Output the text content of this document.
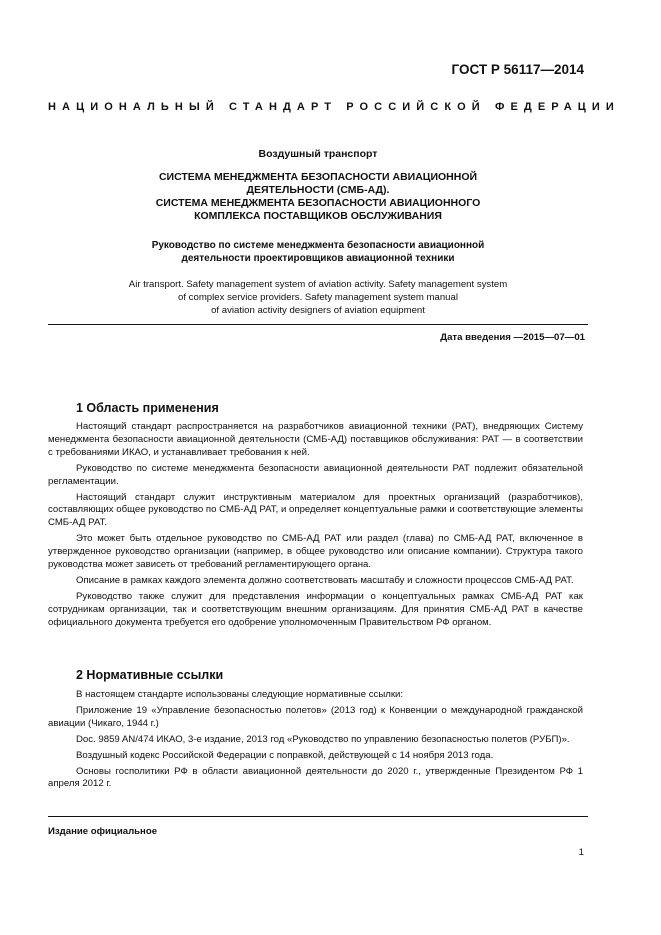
ГОСТ Р 56117—2014
НАЦИОНАЛЬНЫЙ СТАНДАРТ РОССИЙСКОЙ ФЕДЕРАЦИИ
Воздушный транспорт
СИСТЕМА МЕНЕДЖМЕНТА БЕЗОПАСНОСТИ АВИАЦИОННОЙ
ДЕЯТЕЛЬНОСТИ (СМБ-АД).
СИСТЕМА МЕНЕДЖМЕНТА БЕЗОПАСНОСТИ АВИАЦИОННОГО
КОМПЛЕКСА ПОСТАВЩИКОВ ОБСЛУЖИВАНИЯ
Руководство по системе менеджмента безопасности авиационной
деятельности проектировщиков авиационной техники
Air transport. Safety management system of aviation activity. Safety management system
of complex service providers. Safety management system manual
of aviation activity designers of aviation equipment
Дата введения —2015—07—01
1 Область применения

Настоящий стандарт распространяется на разработчиков авиационной техники (РАТ), внедряющих Систему менеджмента безопасности авиационной деятельности (СМБ-АД) поставщиков обслуживания: РАТ — в соответствии с требованиями ИКАО, и устанавливает требования к ней.

Руководство по системе менеджмента безопасности авиационной деятельности РАТ подлежит обязательной регламентации.

Настоящий стандарт служит инструктивным материалом для проектных организаций (разработчиков), составляющих общее руководство по СМБ-АД РАТ, и определяет концептуальные рамки и соответствующие элементы СМБ-АД РАТ.

Это может быть отдельное руководство по СМБ-АД РАТ или раздел (глава) по СМБ-АД РАТ, включенное в утвержденное руководство организации (например, в общее руководство или описание компании). Структура такого руководства может зависеть от требований регламентирующего органа.

Описание в рамках каждого элемента должно соответствовать масштабу и сложности процессов СМБ-АД РАТ.

Руководство также служит для представления информации о концептуальных рамках СМБ-АД РАТ как сотрудникам организации, так и соответствующим внешним организациям. Для принятия СМБ-АД РАТ в качестве официального документа требуется его одобрение уполномоченным Правительством РФ органом.

2 Нормативные ссылки

В настоящем стандарте использованы следующие нормативные ссылки:

Приложение 19 «Управление безопасностью полетов» (2013 год) к Конвенции о международной гражданской авиации (Чикаго, 1944 г.)

Doc. 9859 AN/474 ИКАО, 3-е издание, 2013 год «Руководство по управлению безопасностью полетов (РУБП)».

Воздушный кодекс Российской Федерации с поправкой, действующей с 14 ноября 2013 года.

Основы госполитики РФ в области авиационной деятельности до 2020 г., утвержденные Президентом РФ 1 апреля 2012 г.

Издание официальное
1
